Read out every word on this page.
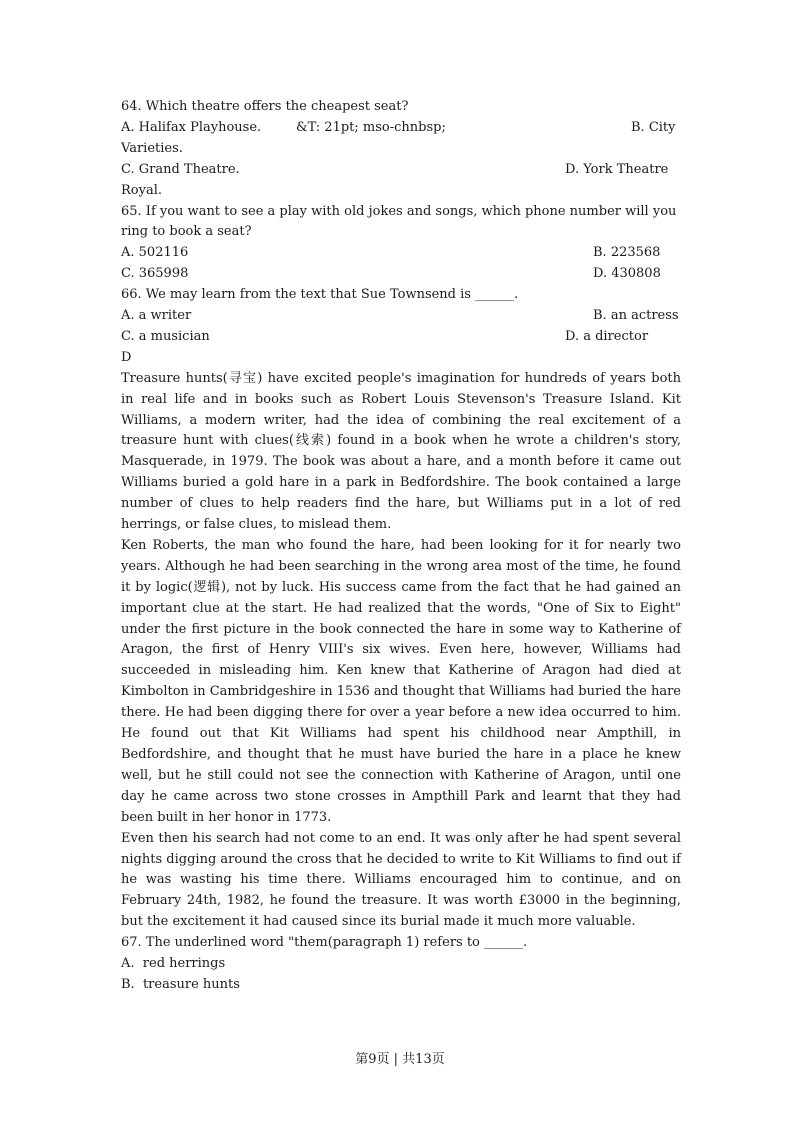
64. Which theatre offers the cheapest seat?
A. Halifax Playhouse.	&T: 21pt; mso-chnbsp;	B. City
Varieties.
C. Grand Theatre.	D. York Theatre
Royal.
65. If you want to see a play with old jokes and songs, which phone number will you
ring to book a seat?
A. 502116	B. 223568
C. 365998	D. 430808
66. We may learn from the text that Sue Townsend is ______.
A. a writer	B. an actress
C. a musician	D. a director
D
Treasure hunts(寻宝) have excited people's imagination for hundreds of years both in real life and in books such as Robert Louis Stevenson's Treasure Island. Kit Williams, a modern writer, had the idea of combining the real excitement of a treasure hunt with clues(线索) found in a book when he wrote a children's story, Masquerade, in 1979. The book was about a hare, and a month before it came out Williams buried a gold hare in a park in Bedfordshire. The book contained a large number of clues to help readers find the hare, but Williams put in a lot of red herrings, or false clues, to mislead them.
Ken Roberts, the man who found the hare, had been looking for it for nearly two years. Although he had been searching in the wrong area most of the time, he found it by logic(逻辑), not by luck. His success came from the fact that he had gained an important clue at the start. He had realized that the words, "One of Six to Eight" under the first picture in the book connected the hare in some way to Katherine of Aragon, the first of Henry VIII's six wives. Even here, however, Williams had succeeded in misleading him. Ken knew that Katherine of Aragon had died at Kimbolton in Cambridgeshire in 1536 and thought that Williams had buried the hare there. He had been digging there for over a year before a new idea occurred to him. He found out that Kit Williams had spent his childhood near Ampthill, in Bedfordshire, and thought that he must have buried the hare in a place he knew well, but he still could not see the connection with Katherine of Aragon, until one day he came across two stone crosses in Ampthill Park and learnt that they had been built in her honor in 1773.
Even then his search had not come to an end. It was only after he had spent several nights digging around the cross that he decided to write to Kit Williams to find out if he was wasting his time there. Williams encouraged him to continue, and on February 24th, 1982, he found the treasure. It was worth £3000 in the beginning, but the excitement it had caused since its burial made it much more valuable.
67. The underlined word "them(paragraph 1) refers to ______.
A.  red herrings
B.  treasure hunts
第9页 | 共13页
